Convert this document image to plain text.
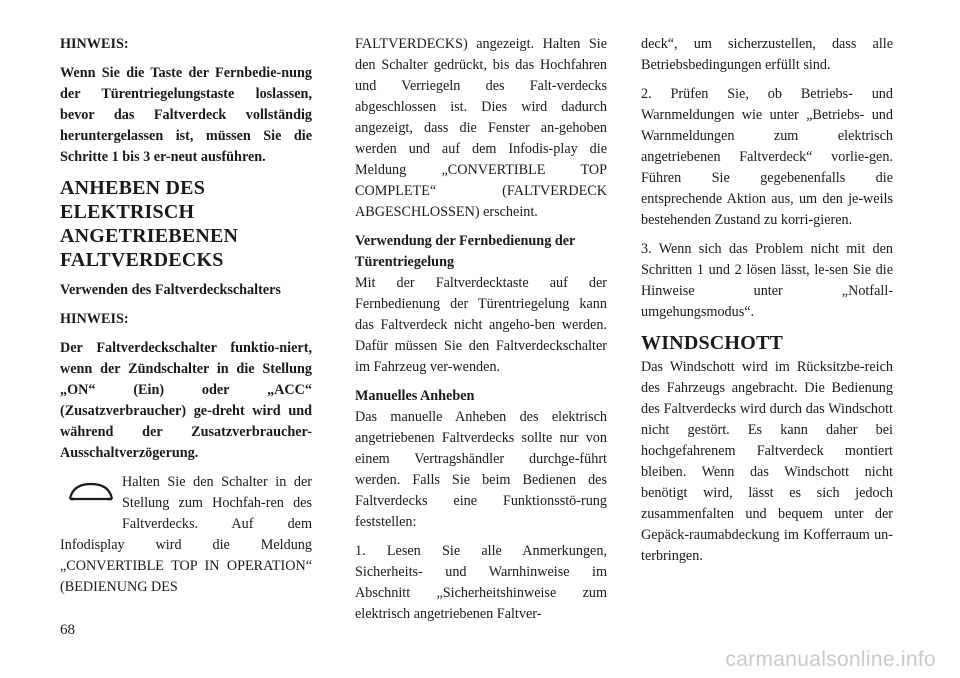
HINWEIS:

Wenn Sie die Taste der Fernbedie-nung der Türentriegelungstaste loslassen, bevor das Faltverdeck vollständig heruntergelassen ist, müssen Sie die Schritte 1 bis 3 er-neut ausführen.

ANHEBEN DES ELEKTRISCH ANGETRIEBENEN FALTVERDECKS
Verwenden des Faltverdeckschalters

HINWEIS:

Der Faltverdeckschalter funktio-niert, wenn der Zündschalter in die Stellung „ON“ (Ein) oder „ACC“ (Zusatzverbraucher) ge-dreht wird und während der Zusatzverbraucher-Ausschaltverzögerung.

Halten Sie den Schalter in der Stellung zum Hochfah-ren des Faltverdecks. Auf dem Infodisplay wird die Meldung „CONVERTIBLE TOP IN OPERATION“ (BEDIENUNG DES

FALTVERDECKS) angezeigt. Halten Sie den Schalter gedrückt, bis das Hochfahren und Verriegeln des Falt-verdecks abgeschlossen ist. Dies wird dadurch angezeigt, dass die Fenster an-gehoben werden und auf dem Infodis-play die Meldung „CONVERTIBLE TOP COMPLETE“ (FALTVERDECK ABGESCHLOSSEN) erscheint.

Verwendung der Fernbedienung der Türentriegelung

Mit der Faltverdecktaste auf der Fernbedienung der Türentriegelung kann das Faltverdeck nicht angeho-ben werden. Dafür müssen Sie den Faltverdeckschalter im Fahrzeug ver-wenden.

Manuelles Anheben

Das manuelle Anheben des elektrisch angetriebenen Faltverdecks sollte nur von einem Vertragshändler durchge-führt werden. Falls Sie beim Bedienen des Faltverdecks eine Funktionsstö-rung feststellen:

1. Lesen Sie alle Anmerkungen, Sicherheits- und Warnhinweise im Abschnitt „Sicherheitshinweise zum elektrisch angetriebenen Faltver-

deck“, um sicherzustellen, dass alle Betriebsbedingungen erfüllt sind.

2. Prüfen Sie, ob Betriebs- und Warnmeldungen wie unter „Betriebs- und Warnmeldungen zum elektrisch angetriebenen Faltverdeck“ vorlie-gen. Führen Sie gegebenenfalls die entsprechende Aktion aus, um den je-weils bestehenden Zustand zu korri-gieren.

3. Wenn sich das Problem nicht mit den Schritten 1 und 2 lösen lässt, le-sen Sie die Hinweise unter „Notfall-umgehungsmodus“.

WINDSCHOTT

Das Windschott wird im Rücksitzbe-reich des Fahrzeugs angebracht. Die Bedienung des Faltverdecks wird durch das Windschott nicht gestört. Es kann daher bei hochgefahrenem Faltverdeck montiert bleiben. Wenn das Windschott nicht benötigt wird, lässt es sich jedoch zusammenfalten und bequem unter der Gepäck-raumabdeckung im Kofferraum un-terbringen.

68
carmanualsonline.info
